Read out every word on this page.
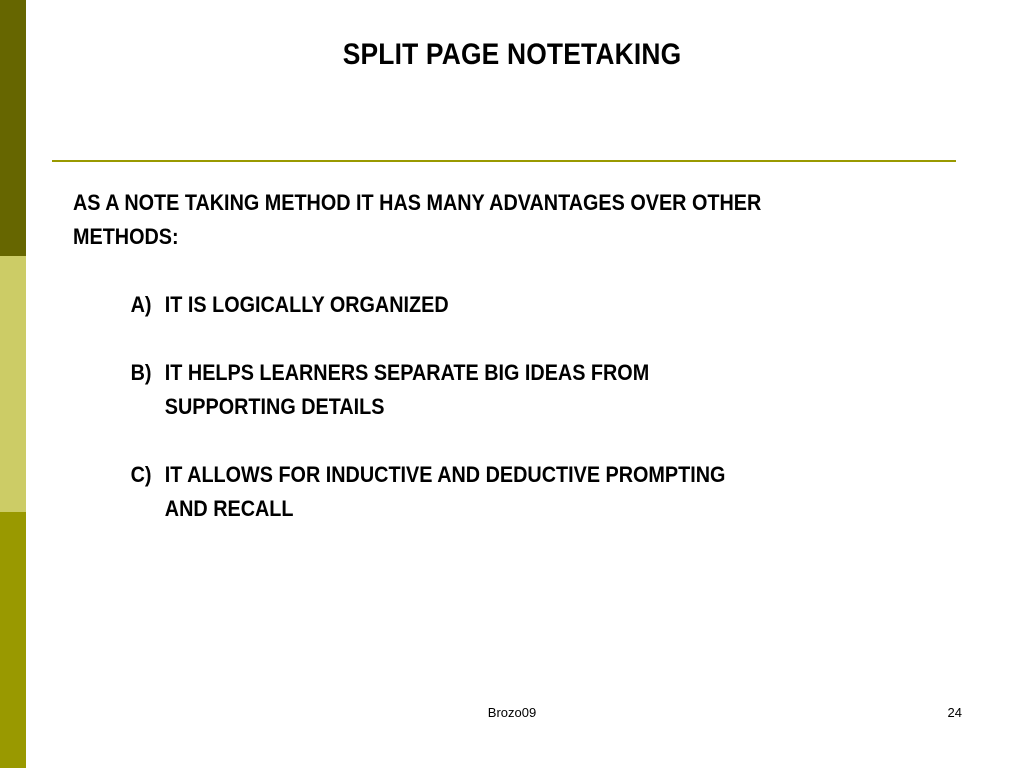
SPLIT PAGE NOTETAKING

AS A NOTE TAKING METHOD IT HAS MANY ADVANTAGES OVER OTHER

METHODS:

A) IT IS LOGICALLY ORGANIZED
B) IT HELPS LEARNERS SEPARATE BIG IDEAS FROM
SUPPORTING DETAILS
C) IT ALLOWS FOR INDUCTIVE AND DEDUCTIVE PROMPTING
AND RECALL
Brozo09	24
